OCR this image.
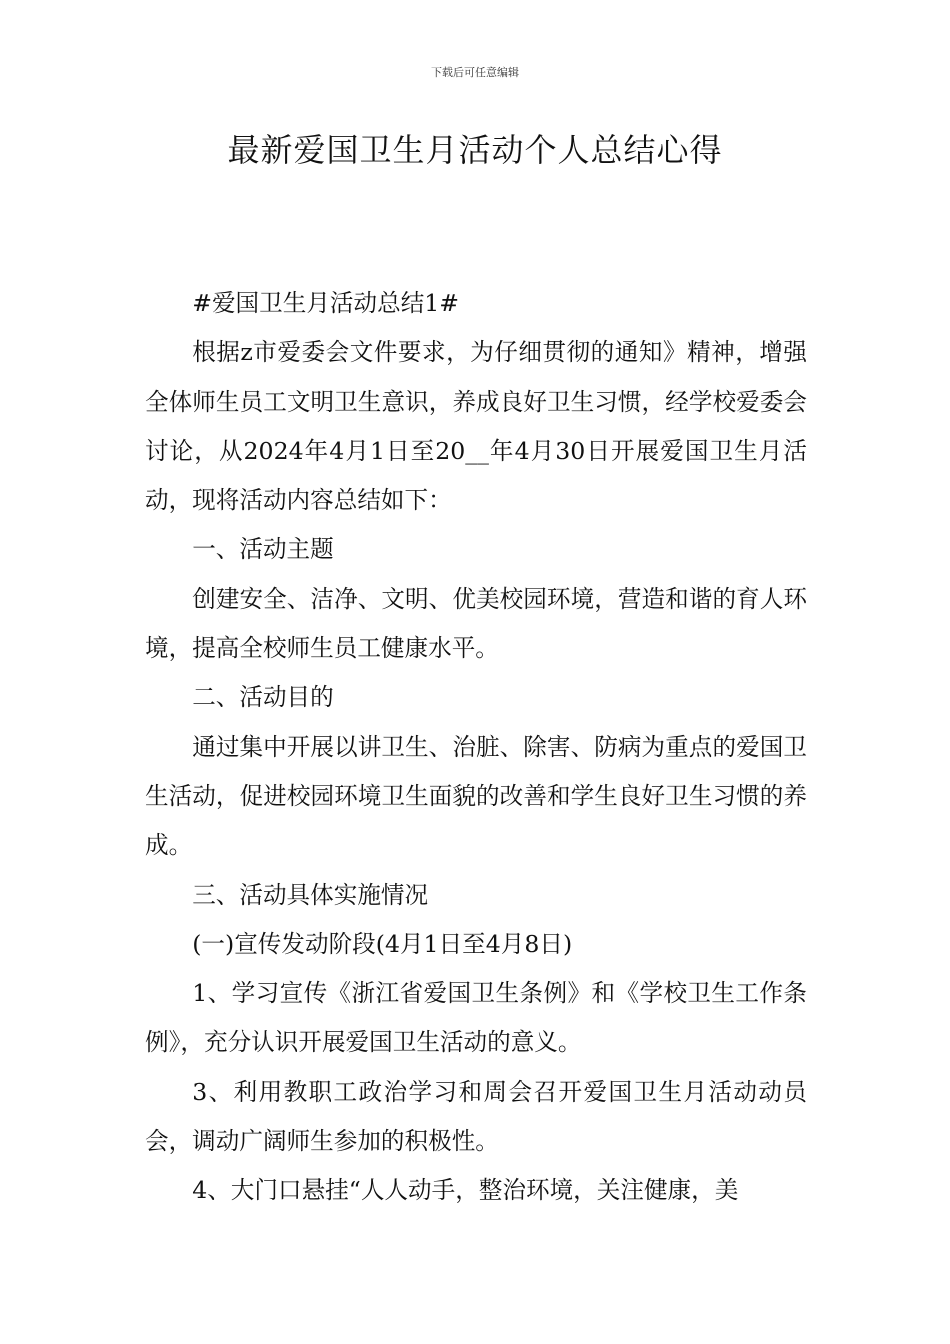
下载后可任意编辑
最新爱国卫生月活动个人总结心得

#爱国卫生月活动总结1#

根据z市爱委会文件要求，为仔细贯彻的通知》精神，增强全体师生员工文明卫生意识，养成良好卫生习惯，经学校爱委会讨论，从2024年4月1日至20__年4月30日开展爱国卫生月活动，现将活动内容总结如下：

一、活动主题

创建安全、洁净、文明、优美校园环境，营造和谐的育人环境，提高全校师生员工健康水平。

二、活动目的

通过集中开展以讲卫生、治脏、除害、防病为重点的爱国卫生活动，促进校园环境卫生面貌的改善和学生良好卫生习惯的养成。

三、活动具体实施情况

(一)宣传发动阶段(4月1日至4月8日)

1、学习宣传《浙江省爱国卫生条例》和《学校卫生工作条例》，充分认识开展爱国卫生活动的意义。

3、利用教职工政治学习和周会召开爱国卫生月活动动员会，调动广阔师生参加的积极性。

4、大门口悬挂“人人动手，整治环境，关注健康，美
